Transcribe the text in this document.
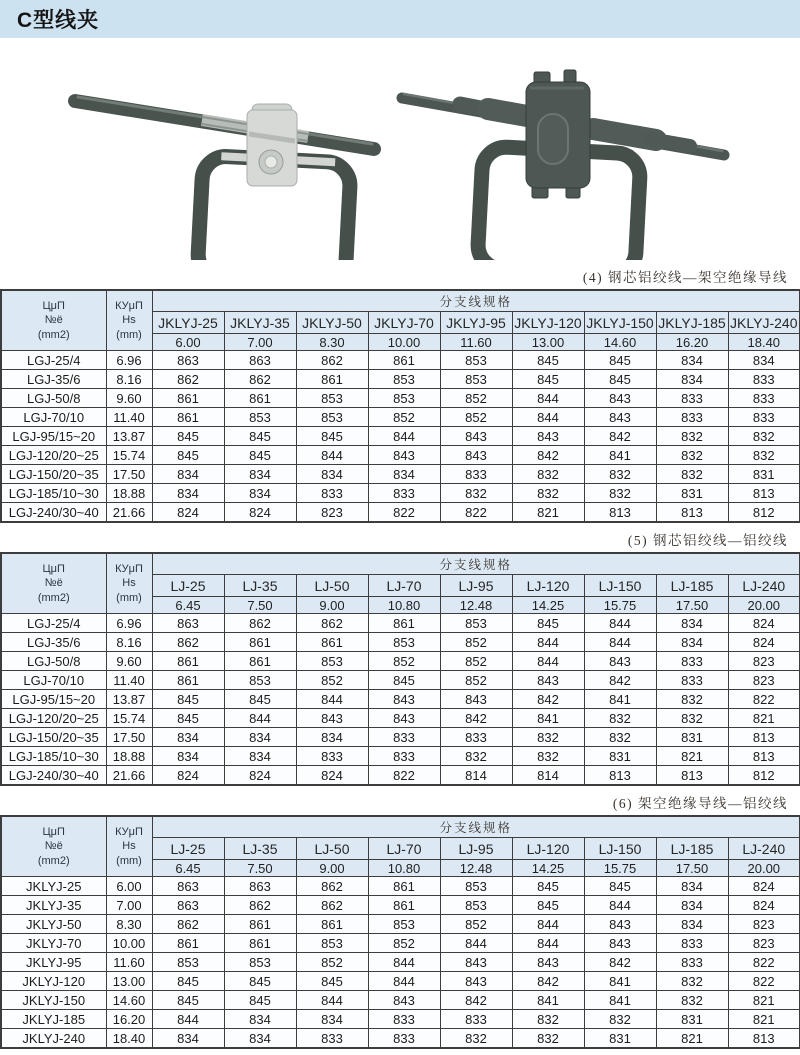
C型线夹
(4) 钢芯铝绞线—架空绝缘导线
ЦμП
№ё
(mm2)

КУμП
Hs
(mm)
	分支线规格
		JKLYJ-25	JKLYJ-35	JKLYJ-50	JKLYJ-70	JKLYJ-95	JKLYJ-120	JKLYJ-150	JKLYJ-185	JKLYJ-240
		6.00	7.00	8.30	10.00	11.60	13.00	14.60	16.20	18.40
LGJ-25/4	6.96	863	863	862	861	853	845	845	834	834
LGJ-35/6	8.16	862	862	861	853	853	845	845	834	833
LGJ-50/8	9.60	861	861	853	853	852	844	843	833	833
LGJ-70/10	11.40	861	853	853	852	852	844	843	833	833
LGJ-95/15~20	13.87	845	845	845	844	843	843	842	832	832
LGJ-120/20~25	15.74	845	845	844	843	843	842	841	832	832
LGJ-150/20~35	17.50	834	834	834	834	833	832	832	832	831
LGJ-185/10~30	18.88	834	834	833	833	832	832	832	831	813
LGJ-240/30~40	21.66	824	824	823	822	822	821	813	813	812
(5) 钢芯铝绞线—铝绞线
ЦμП
№ё
(mm2)

КУμП
Hs
(mm)
	分支线规格
		LJ-25	LJ-35	LJ-50	LJ-70	LJ-95	LJ-120	LJ-150	LJ-185	LJ-240
		6.45	7.50	9.00	10.80	12.48	14.25	15.75	17.50	20.00
LGJ-25/4	6.96	863	862	862	861	853	845	844	834	824
LGJ-35/6	8.16	862	861	861	853	852	844	844	834	824
LGJ-50/8	9.60	861	861	853	852	852	844	843	833	823
LGJ-70/10	11.40	861	853	852	845	852	843	842	833	823
LGJ-95/15~20	13.87	845	845	844	843	843	842	841	832	822
LGJ-120/20~25	15.74	845	844	843	843	842	841	832	832	821
LGJ-150/20~35	17.50	834	834	834	833	833	832	832	831	813
LGJ-185/10~30	18.88	834	834	833	833	832	832	831	821	813
LGJ-240/30~40	21.66	824	824	824	822	814	814	813	813	812
(6) 架空绝缘导线—铝绞线
ЦμП
№ё
(mm2)

КУμП
Hs
(mm)
	分支线规格
		LJ-25	LJ-35	LJ-50	LJ-70	LJ-95	LJ-120	LJ-150	LJ-185	LJ-240
		6.45	7.50	9.00	10.80	12.48	14.25	15.75	17.50	20.00
JKLYJ-25	6.00	863	863	862	861	853	845	845	834	824
JKLYJ-35	7.00	863	862	862	861	853	845	844	834	824
JKLYJ-50	8.30	862	861	861	853	852	844	843	834	823
JKLYJ-70	10.00	861	861	853	852	844	844	843	833	823
JKLYJ-95	11.60	853	853	852	844	843	843	842	833	822
JKLYJ-120	13.00	845	845	845	844	843	842	841	832	822
JKLYJ-150	14.60	845	845	844	843	842	841	841	832	821
JKLYJ-185	16.20	844	834	834	833	833	832	832	831	821
JKLYJ-240	18.40	834	834	833	833	832	832	831	821	813
